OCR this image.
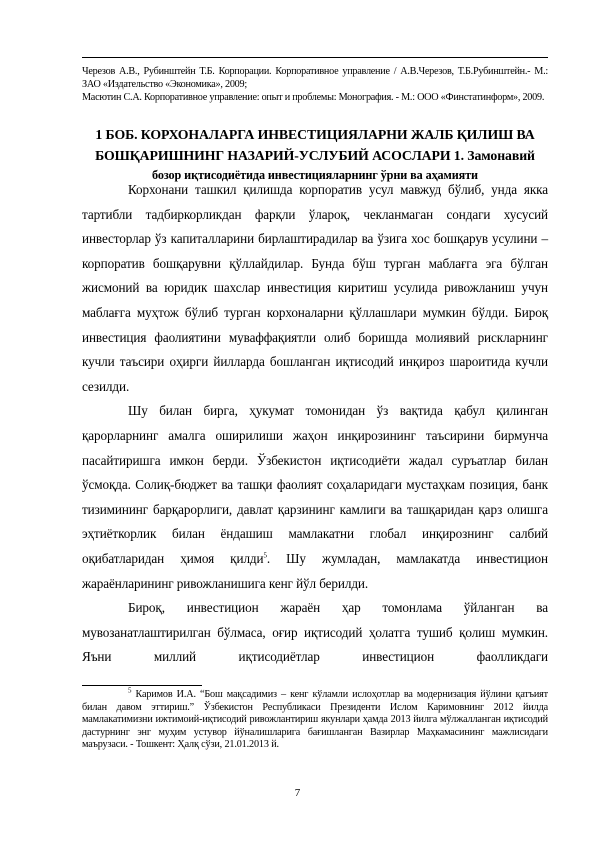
Черезов А.В., Рубинштейн Т.Б. Корпорации. Корпоративное управление / А.В.Черезов, Т.Б.Рубинштейн.- М.: ЗАО «Издательство «Экономика», 2009;

Масютин С.А. Корпоративное управление: опыт и проблемы: Монография. - М.: ООО «Финстатинформ», 2009.

1 БОБ. КОРХОНАЛАРГА ИНВЕСТИЦИЯЛАРНИ ЖАЛБ ҚИЛИШ ВА БОШҚАРИШНИНГ НАЗАРИЙ-УСЛУБИЙ АСОСЛАРИ 1. Замонавий
бозор иқтисодиётида инвестицияларнинг ўрни ва аҳамияти

Корхонани ташкил қилишда корпоратив усул мавжуд бўлиб, унда якка тартибли тадбиркорликдан фарқли ўлароқ, чекланмаган сондаги хусусий инвесторлар ўз капиталларини бирлаштирадилар ва ўзига хос бошқарув усулини – корпоратив бошқарувни қўллайдилар. Бунда бўш турган маблағга эга бўлган жисмоний ва юридик шахслар инвестиция киритиш усулида ривожланиш учун маблағга муҳтож бўлиб турган корхоналарни қўллашлари мумкин бўлди. Бироқ инвестиция фаолиятини муваффақиятли олиб боришда молиявий рискларнинг кучли таъсири оҳирги йилларда бошланган иқтисодий инқироз шароитида кучли сезилди.

Шу билан бирга, ҳукумат томонидан ўз вақтида қабул қилинган қарорларнинг амалга оширилиши жаҳон инқирозининг таъсирини бирмунча пасайтиришга имкон берди. Ўзбекистон иқтисодиёти жадал суръатлар билан ўсмоқда. Солиқ-бюджет ва ташқи фаолият соҳаларидаги мустаҳкам позиция, банк тизимининг барқарорлиги, давлат қарзининг камлиги ва ташқаридан қарз олишга эҳтиёткорлик билан ёндашиш мамлакатни глобал инқирознинг салбий оқибатларидан ҳимоя қилди$^5$. Шу жумладан, мамлакатда инвестицион жараёнларининг ривожланишига кенг йўл берилди.

Бироқ, инвестицион жараён ҳар томонлама ўйланган ва мувозанатлаштирилган бўлмаса, оғир иқтисодий ҳолатга тушиб қолиш мумкин. Яъни миллий иқтисодиётлар инвестицион фаолликдаги

$^5$ Каримов И.А. “Бош мақсадимиз – кенг кўламли ислоҳотлар ва модернизация йўлини қатъият билан давом эттириш.” Ўзбекистон Республикаси Президенти Ислом Каримовнинг 2012 йилда мамлакатимизни ижтимоий-иқтисодий ривожлантириш якунлари ҳамда 2013 йилга мўлжалланган иқтисодий дастурнинг энг муҳим устувор йўналишларига бағишланган Вазирлар Маҳкамасининг мажлисидаги маърузаси. - Тошкент: Ҳалқ сўзи, 21.01.2013 й.
7
